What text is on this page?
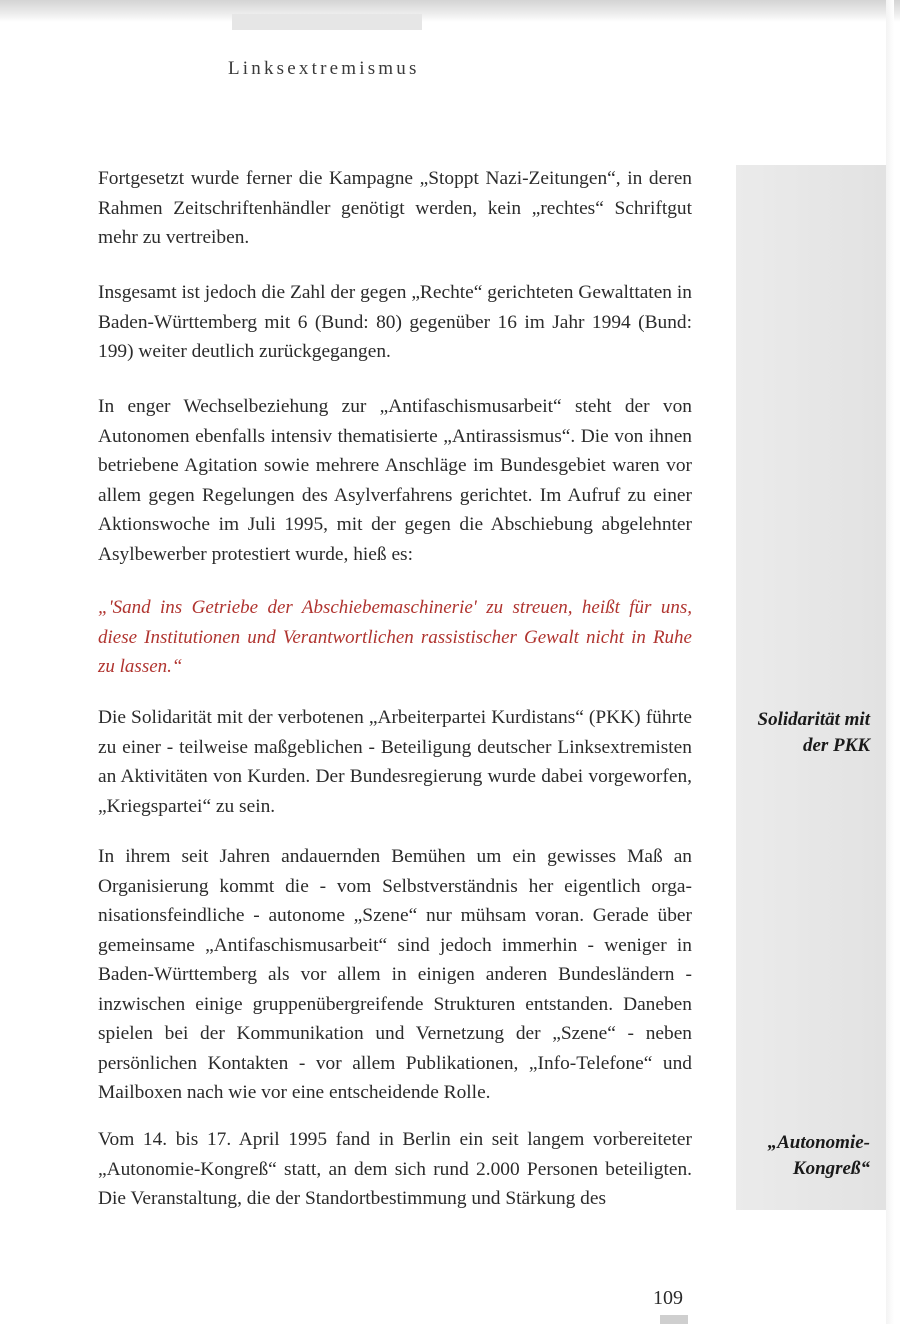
Linksextremismus

Fortgesetzt wurde ferner die Kampagne „Stoppt Nazi-Zeitungen“, in deren Rahmen Zeitschriftenhändler genötigt werden, kein „rechtes“ Schriftgut mehr zu vertreiben.

Insgesamt ist jedoch die Zahl der gegen „Rechte“ gerichteten Gewalttaten in Baden-Württemberg mit 6 (Bund: 80) gegenüber 16 im Jahr 1994 (Bund: 199) weiter deutlich zurückgegangen.

In enger Wechselbeziehung zur „Antifaschismusarbeit“ steht der von Autonomen ebenfalls intensiv thematisierte „Antirassismus“. Die von ihnen betriebene Agitation sowie mehrere Anschläge im Bundesgebiet waren vor allem gegen Regelungen des Asylverfahrens gerichtet. Im Aufruf zu einer Aktionswoche im Juli 1995, mit der gegen die Abschiebung abgelehnter Asylbewerber protestiert wurde, hieß es:

„'Sand ins Getriebe der Abschiebemaschinerie' zu streuen, heißt für uns, diese Institutionen und Verantwortlichen rassistischer Gewalt nicht in Ruhe zu lassen.“

Die Solidarität mit der verbotenen „Arbeiterpartei Kurdistans“ (PKK) führte zu einer - teilweise maßgeblichen - Beteiligung deutscher Linksextremisten an Aktivitäten von Kurden. Der Bundesregierung wurde dabei vorgeworfen, „Kriegspartei“ zu sein.

In ihrem seit Jahren andauernden Bemühen um ein gewisses Maß an Organisierung kommt die - vom Selbstverständnis her eigentlich organisationsfeindliche - autonome „Szene“ nur mühsam voran. Gerade über gemeinsame „Antifaschismusarbeit“ sind jedoch immerhin - weniger in Baden-Württemberg als vor allem in einigen anderen Bundesländern - inzwischen einige gruppenübergreifende Strukturen entstanden. Daneben spielen bei der Kommunikation und Vernetzung der „Szene“ - neben persönlichen Kontakten - vor allem Publikationen, „Info-Telefone“ und Mailboxen nach wie vor eine entscheidende Rolle.

Vom 14. bis 17. April 1995 fand in Berlin ein seit langem vorbereiteter „Autonomie-Kongreß“ statt, an dem sich rund 2.000 Personen beteiligten. Die Veranstaltung, die der Standortbestimmung und Stärkung des

Solidarität mit
der PKK
„Autonomie-
Kongreß“
109
